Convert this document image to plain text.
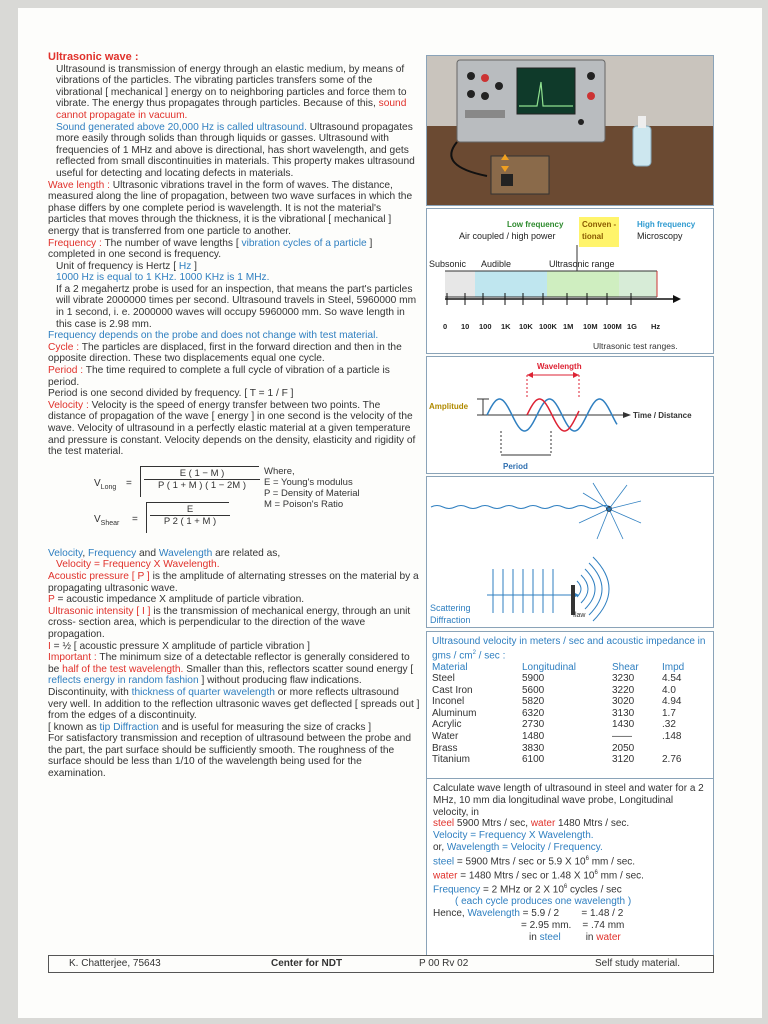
Ultrasonic wave :

Ultrasound is transmission of energy through an elastic medium, by means of vibrations of the particles. The vibrating particles transfers some of the vibrational [ mechanical ] energy on to neighboring particles and force them to vibrate. The energy thus propagates through particles. Because of this, sound cannot propagate in vacuum.

Sound generated above 20,000 Hz is called ultrasound. Ultrasound propagates more easily through solids than through liquids or gasses. Ultrasound with frequencies of 1 MHz and above is directional, has short wavelength, and gets reflected from small discontinuities in materials. This property makes ultrasound useful for detecting and locating defects in materials.

Wave length : Ultrasonic vibrations travel in the form of waves. The distance, measured along the line of propagation, between two wave surfaces in which the phase differs by one complete period is wavelength. It is not the material's particles that moves through the thickness, it is the vibrational [ mechanical ] energy that is transferred from one particle to another.

Frequency : The number of wave lengths [ vibration cycles of a particle ] completed in one second is frequency.

Unit of frequency is Hertz [ Hz ]

1000 Hz is equal to 1 KHz. 1000 KHz is 1 MHz.

If a 2 megahertz probe is used for an inspection, that means the part's particles will vibrate 2000000 times per second. Ultrasound travels in Steel, 5960000 mm in 1 second, i. e. 2000000 waves will occupy 5960000 mm. So wave length in this case is 2.98 mm.

Frequency depends on the probe and does not change with test material.

Cycle : The particles are displaced, first in the forward direction and then in the opposite direction. These two displacements equal one cycle.

Period : The time required to complete a full cycle of vibration of a particle is period.

Period is one second divided by frequency. [ T = 1 / F ]

Velocity : Velocity is the speed of energy transfer between two points. The distance of propagation of the wave [ energy ] in one second is the velocity of the wave. Velocity of ultrasound in a perfectly elastic material at a given temperature and pressure is constant. Velocity depends on the density, elasticity and rigidity of the test material.

$V_{Long} = \frac{E ( 1 - M )}{P ( 1 + M ) ( 1 - 2M )}$
$V_{Shear} = \frac{E}{P 2 ( 1 + M )}$
Where,
E = Young's modulus
P = Density of Material
M = Poison's Ratio

Velocity, Frequency and Wavelength are related as,

Velocity = Frequency X Wavelength.

Acoustic pressure [ P ] is the amplitude of alternating stresses on the material by a propagating ultrasonic wave.

P = acoustic impedance X amplitude of particle vibration.

Ultrasonic intensity [ I ] is the transmission of mechanical energy, through an unit cross- section area, which is perpendicular to the direction of the wave propagation.

I = ½ [ acoustic pressure X amplitude of particle vibration ]

Important : The minimum size of a detectable reflector is generally considered to be half of the test wavelength. Smaller than this, reflectors scatter sound energy [ reflects energy in random fashion ] without producing flaw indications. Discontinuity, with thickness of quarter wavelength or more reflects ultrasound very well. In addition to the reflection ultrasonic waves get deflected [ spreads out ] from the edges of a discontinuity.

[ known as tip Diffraction and is useful for measuring the size of cracks ]

For satisfactory transmission and reception of ultrasound between the probe and the part, the part surface should be sufficiently smooth. The roughness of the surface should be less than 1/10 of the wavelength being used for the examination.

Low frequency Conven -
tional
High frequency
Air coupled / high power	Microscopy
Subsonic Audible	Ultrasonic range
0 10 100 1K 10K 100K 1M 10M 100M 1G Hz
Ultrasonic test ranges.
Wavelength
Amplitude
Time / Distance
Period
flaw
Scattering
Diffraction
Ultrasound velocity in meters / sec and acoustic impedance in gms / $cm^2$ / sec :
Material	Longitudinal	Shear	Impd
Steel	5900	3230	4.54
Cast Iron	5600	3220	4.0
Inconel	5820	3020	4.94
Aluminum	6320	3130	1.7
Acrylic	2730	1430	.32
Water	1480	——	.148
Brass	3830	2050	
Titanium	6100	3120	2.76
Calculate wave length of ultrasound in steel and water for a 2 MHz, 10 mm dia longitudinal wave probe, Longitudinal velocity, in
steel 5900 Mtrs / sec, water 1480 Mtrs / sec.
Velocity = Frequency X Wavelength.
or, Wavelength = Velocity / Frequency.
steel = 5900 Mtrs / sec or 5.9 X $10^6$ mm / sec.
water = 1480 Mtrs / sec or 1.48 X $10^6$ mm / sec.
Frequency = 2 MHz or 2 X $10^6$ cycles / sec
( each cycle produces one wavelength )
Hence, Wavelength = 5.9 / 2        = 1.48 / 2
= 2.95 mm.    = .74 mm
in steel         in water
K. Chatterjee, 75643	Center for NDT	P 00 Rv 02	Self study material.
